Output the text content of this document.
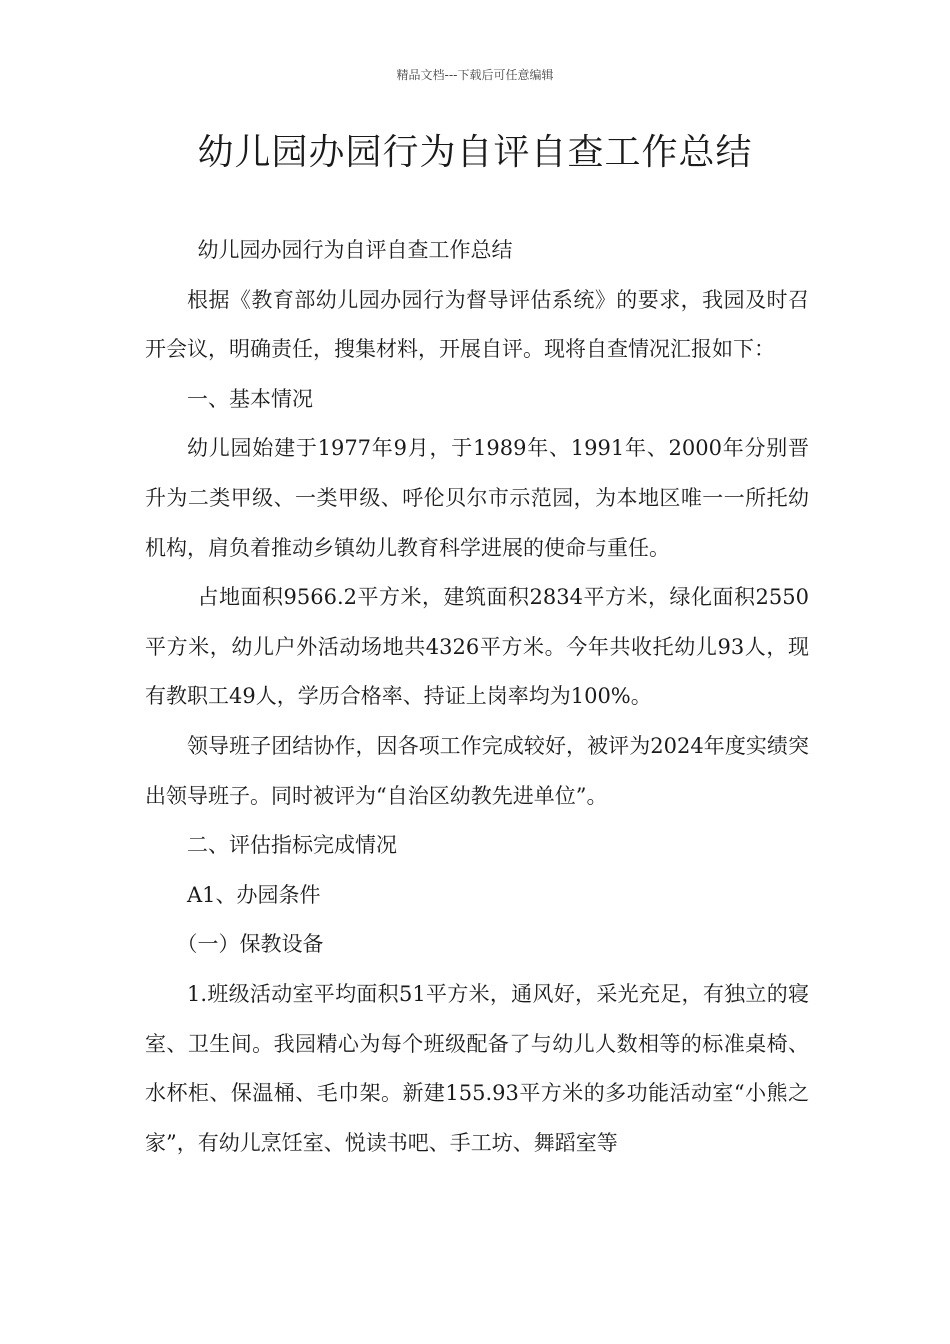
精品文档---下载后可任意编辑
幼儿园办园行为自评自查工作总结

幼儿园办园行为自评自查工作总结

根据《教育部幼儿园办园行为督导评估系统》的要求，我园及时召开会议，明确责任，搜集材料，开展自评。现将自查情况汇报如下：

一、基本情况

幼儿园始建于1977年9月，于1989年、1991年、2000年分别晋升为二类甲级、一类甲级、呼伦贝尔市示范园，为本地区唯一一所托幼机构，肩负着推动乡镇幼儿教育科学进展的使命与重任。

占地面积9566.2平方米，建筑面积2834平方米，绿化面积2550平方米，幼儿户外活动场地共4326平方米。今年共收托幼儿93人，现有教职工49人，学历合格率、持证上岗率均为100%。

领导班子团结协作，因各项工作完成较好，被评为2024年度实绩突出领导班子。同时被评为“自治区幼教先进单位”。

二、评估指标完成情况

A1、办园条件

（一）保教设备

1.班级活动室平均面积51平方米，通风好，采光充足，有独立的寝室、卫生间。我园精心为每个班级配备了与幼儿人数相等的标准桌椅、水杯柜、保温桶、毛巾架。新建155.93平方米的多功能活动室“小熊之家”，有幼儿烹饪室、悦读书吧、手工坊、舞蹈室等
